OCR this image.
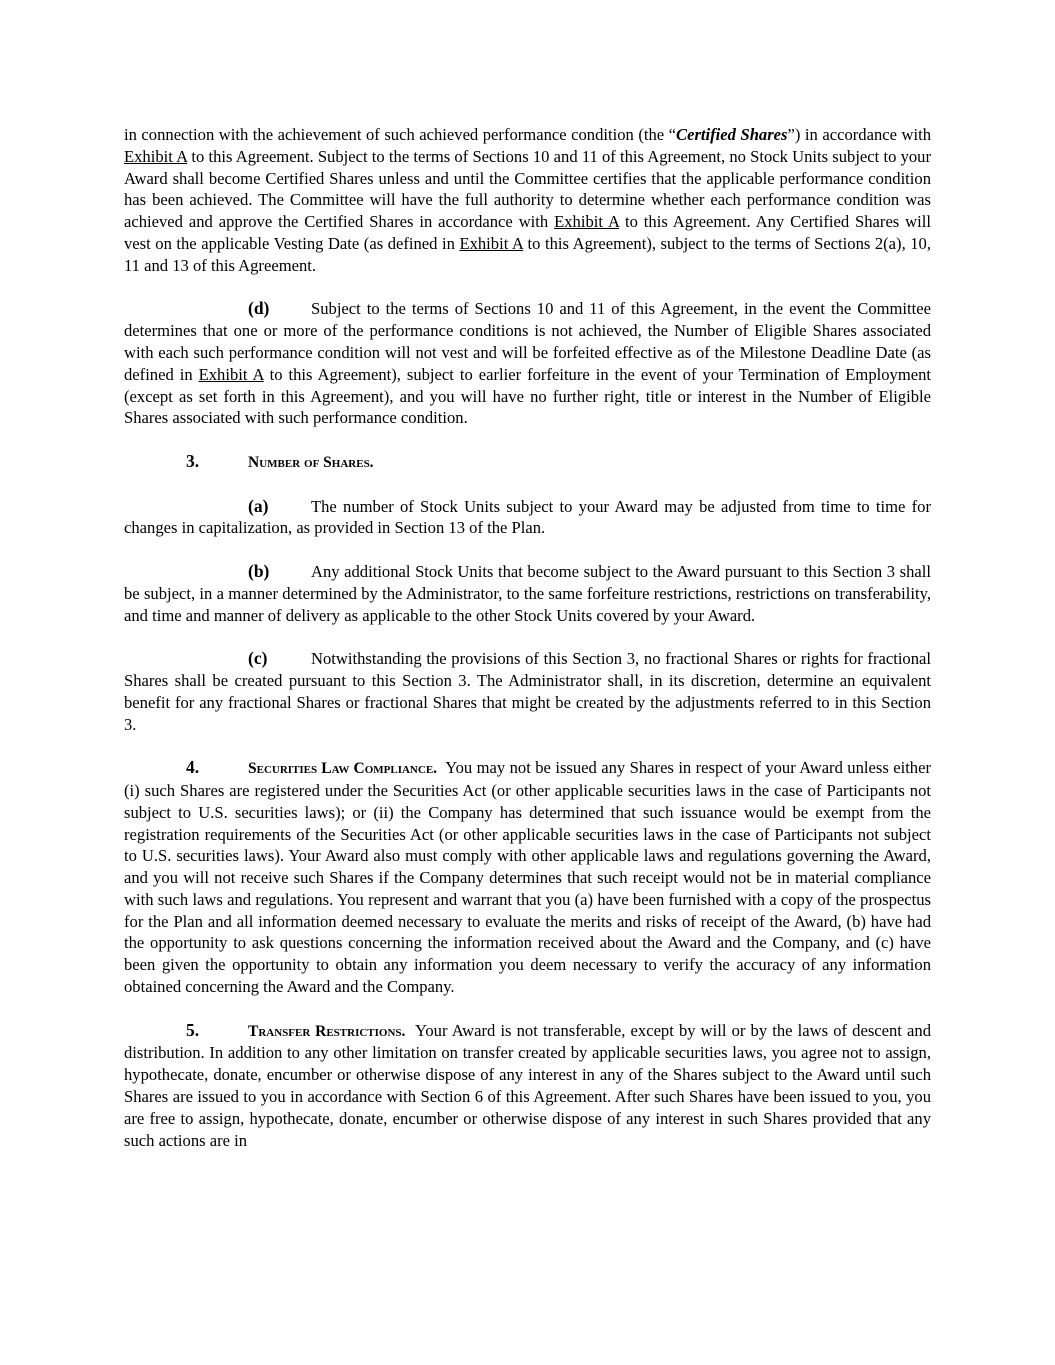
in connection with the achievement of such achieved performance condition (the “Certified Shares”) in accordance with Exhibit A to this Agreement. Subject to the terms of Sections 10 and 11 of this Agreement, no Stock Units subject to your Award shall become Certified Shares unless and until the Committee certifies that the applicable performance condition has been achieved. The Committee will have the full authority to determine whether each performance condition was achieved and approve the Certified Shares in accordance with Exhibit A to this Agreement. Any Certified Shares will vest on the applicable Vesting Date (as defined in Exhibit A to this Agreement), subject to the terms of Sections 2(a), 10, 11 and 13 of this Agreement.

(d)	Subject to the terms of Sections 10 and 11 of this Agreement, in the event the Committee determines that one or more of the performance conditions is not achieved, the Number of Eligible Shares associated with each such performance condition will not vest and will be forfeited effective as of the Milestone Deadline Date (as defined in Exhibit A to this Agreement), subject to earlier forfeiture in the event of your Termination of Employment (except as set forth in this Agreement), and you will have no further right, title or interest in the Number of Eligible Shares associated with such performance condition.

3.	Number of Shares.

(a)	The number of Stock Units subject to your Award may be adjusted from time to time for changes in capitalization, as provided in Section 13 of the Plan.

(b)	Any additional Stock Units that become subject to the Award pursuant to this Section 3 shall be subject, in a manner determined by the Administrator, to the same forfeiture restrictions, restrictions on transferability, and time and manner of delivery as applicable to the other Stock Units covered by your Award.

(c)	Notwithstanding the provisions of this Section 3, no fractional Shares or rights for fractional Shares shall be created pursuant to this Section 3. The Administrator shall, in its discretion, determine an equivalent benefit for any fractional Shares or fractional Shares that might be created by the adjustments referred to in this Section 3.

4.	Securities Law Compliance. You may not be issued any Shares in respect of your Award unless either (i) such Shares are registered under the Securities Act (or other applicable securities laws in the case of Participants not subject to U.S. securities laws); or (ii) the Company has determined that such issuance would be exempt from the registration requirements of the Securities Act (or other applicable securities laws in the case of Participants not subject to U.S. securities laws). Your Award also must comply with other applicable laws and regulations governing the Award, and you will not receive such Shares if the Company determines that such receipt would not be in material compliance with such laws and regulations. You represent and warrant that you (a) have been furnished with a copy of the prospectus for the Plan and all information deemed necessary to evaluate the merits and risks of receipt of the Award, (b) have had the opportunity to ask questions concerning the information received about the Award and the Company, and (c) have been given the opportunity to obtain any information you deem necessary to verify the accuracy of any information obtained concerning the Award and the Company.

5.	Transfer Restrictions. Your Award is not transferable, except by will or by the laws of descent and distribution. In addition to any other limitation on transfer created by applicable securities laws, you agree not to assign, hypothecate, donate, encumber or otherwise dispose of any interest in any of the Shares subject to the Award until such Shares are issued to you in accordance with Section 6 of this Agreement. After such Shares have been issued to you, you are free to assign, hypothecate, donate, encumber or otherwise dispose of any interest in such Shares provided that any such actions are in
